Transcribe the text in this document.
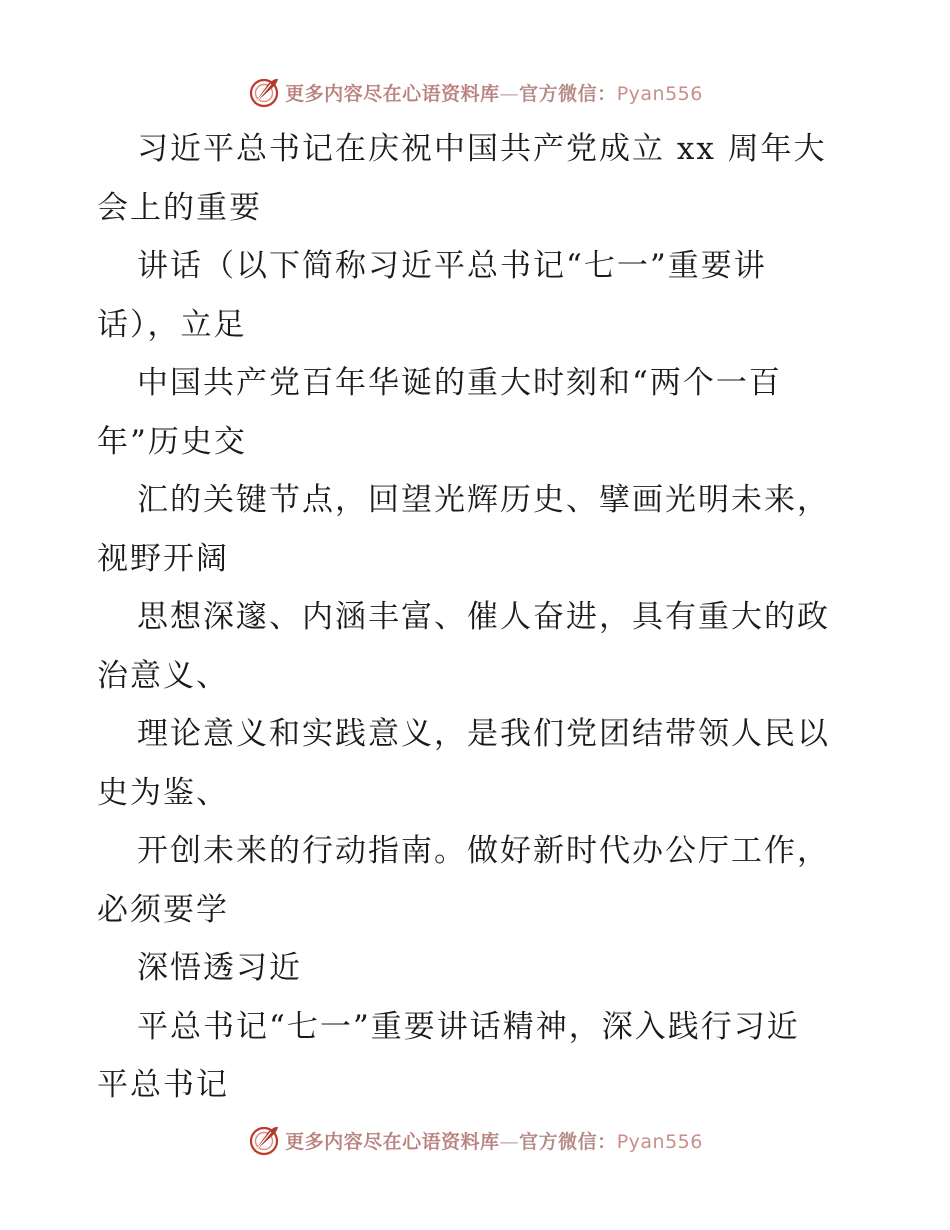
更多内容尽在心语资料库—官方微信：Pyan556
习近平总书记在庆祝中国共产党成立 xx 周年大
会上的重要
讲话（以下简称习近平总书记“七一”重要讲
话），立足
中国共产党百年华诞的重大时刻和“两个一百
年”历史交
汇的关键节点，回望光辉历史、擘画光明未来，
视野开阔
思想深邃、内涵丰富、催人奋进，具有重大的政
治意义、
理论意义和实践意义，是我们党团结带领人民以
史为鉴、
开创未来的行动指南。做好新时代办公厅工作，
必须要学
深悟透习近
平总书记“七一”重要讲话精神，深入践行习近
平总书记
更多内容尽在心语资料库—官方微信：Pyan556
